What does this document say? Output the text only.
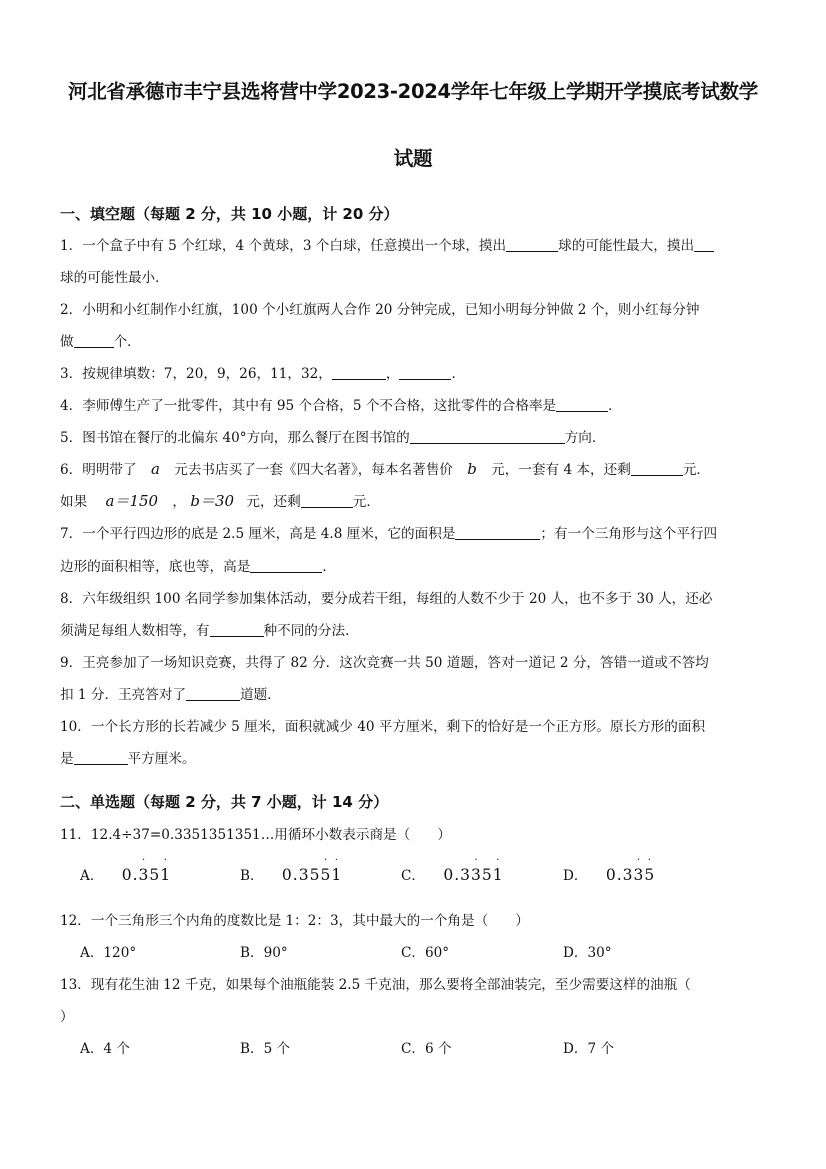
河北省承德市丰宁县选将营中学2023-2024学年七年级上学期开学摸底考试数学
试题
一、填空题（每题 2 分，共 10 小题，计 20 分）
1．一个盒子中有 5 个红球，4 个黄球，3 个白球，任意摸出一个球，摸出	球的可能性最大，摸出
球的可能性最小．
2．小明和小红制作小红旗，100 个小红旗两人合作 20 分钟完成，已知小明每分钟做 2 个，则小红每分钟
做	个．
3．按规律填数：7，20，9，26，11，32，	，	．
4．李师傅生产了一批零件，其中有 95 个合格，5 个不合格，这批零件的合格率是	．
5．图书馆在餐厅的北偏东 40°方向，那么餐厅在图书馆的	方向．
6．明明带了 a 元去书店买了一套《四大名著》，每本名著售价 b 元，一套有 4 本，还剩	元．
如果 a＝150 ， b＝30 元，还剩	元．
7．一个平行四边形的底是 2.5 厘米，高是 4.8 厘米，它的面积是	；有一个三角形与这个平行四
边形的面积相等，底也等，高是	．
8．六年级组织 100 名同学参加集体活动，要分成若干组，每组的人数不少于 20 人，也不多于 30 人，还必
须满足每组人数相等，有	种不同的分法．
9．王亮参加了一场知识竞赛，共得了 82 分．这次竞赛一共 50 道题，答对一道记 2 分，答错一道或不答均
扣 1 分．王亮答对了	道题．
10．一个长方形的长若减少 5 厘米，面积就减少 40 平方厘米，剩下的恰好是一个正方形。原长方形的面积
是	平方厘米。
二、单选题（每题 2 分，共 7 小题，计 14 分）
11．12.4÷37=0.3351351351…用循环小数表示商是（　　）
A． 0.3 ˙51 ˙	B． 0.355 ˙1 ˙	C． 0.33 ˙51 ˙	D． 0.33 ˙5 ˙
12．一个三角形三个内角的度数比是 1：2：3，其中最大的一个角是（　　）
A．120°	B．90°	C．60°	D．30°
13．现有花生油 12 千克，如果每个油瓶能装 2.5 千克油，那么要将全部油装完，至少需要这样的油瓶（
）
A．4 个	B．5 个	C．6 个	D．7 个
